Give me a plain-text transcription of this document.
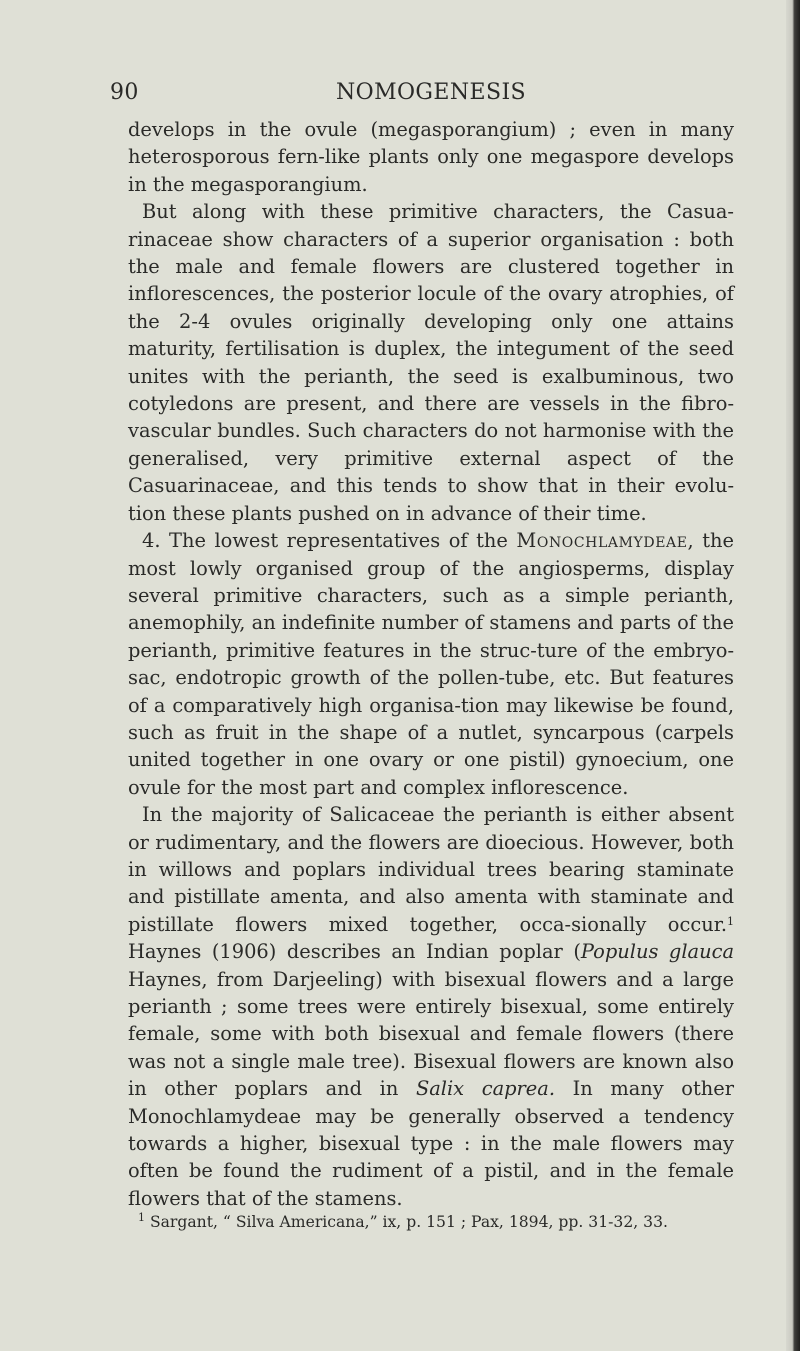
90	NOMOGENESIS

develops in the ovule (megasporangium) ; even in many heterosporous fern-like plants only one megaspore develops in the megasporangium.

But along with these primitive characters, the Casua-rinaceae show characters of a superior organisation : both the male and female flowers are clustered together in inflorescences, the posterior locule of the ovary atrophies, of the 2-4 ovules originally developing only one attains maturity, fertilisation is duplex, the integument of the seed unites with the perianth, the seed is exalbuminous, two cotyledons are present, and there are vessels in the fibro-vascular bundles. Such characters do not harmonise with the generalised, very primitive external aspect of the Casuarinaceae, and this tends to show that in their evolu-tion these plants pushed on in advance of their time.

4. The lowest representatives of the Monochlamydeae, the most lowly organised group of the angiosperms, display several primitive characters, such as a simple perianth, anemophily, an indefinite number of stamens and parts of the perianth, primitive features in the struc-ture of the embryo-sac, endotropic growth of the pollen-tube, etc. But features of a comparatively high organisa-tion may likewise be found, such as fruit in the shape of a nutlet, syncarpous (carpels united together in one ovary or one pistil) gynoecium, one ovule for the most part and complex inflorescence.

In the majority of Salicaceae the perianth is either absent or rudimentary, and the flowers are dioecious. However, both in willows and poplars individual trees bearing staminate and pistillate amenta, and also amenta with staminate and pistillate flowers mixed together, occa-sionally occur.$^1$ Haynes (1906) describes an Indian poplar (Populus glauca Haynes, from Darjeeling) with bisexual flowers and a large perianth ; some trees were entirely bisexual, some entirely female, some with both bisexual and female flowers (there was not a single male tree). Bisexual flowers are known also in other poplars and in Salix caprea. In many other Monochlamydeae may be generally observed a tendency towards a higher, bisexual type : in the male flowers may often be found the rudiment of a pistil, and in the female flowers that of the stamens.

$^1$ Sargant, “ Silva Americana,” ix, p. 151 ; Pax, 1894, pp. 31-32, 33.
